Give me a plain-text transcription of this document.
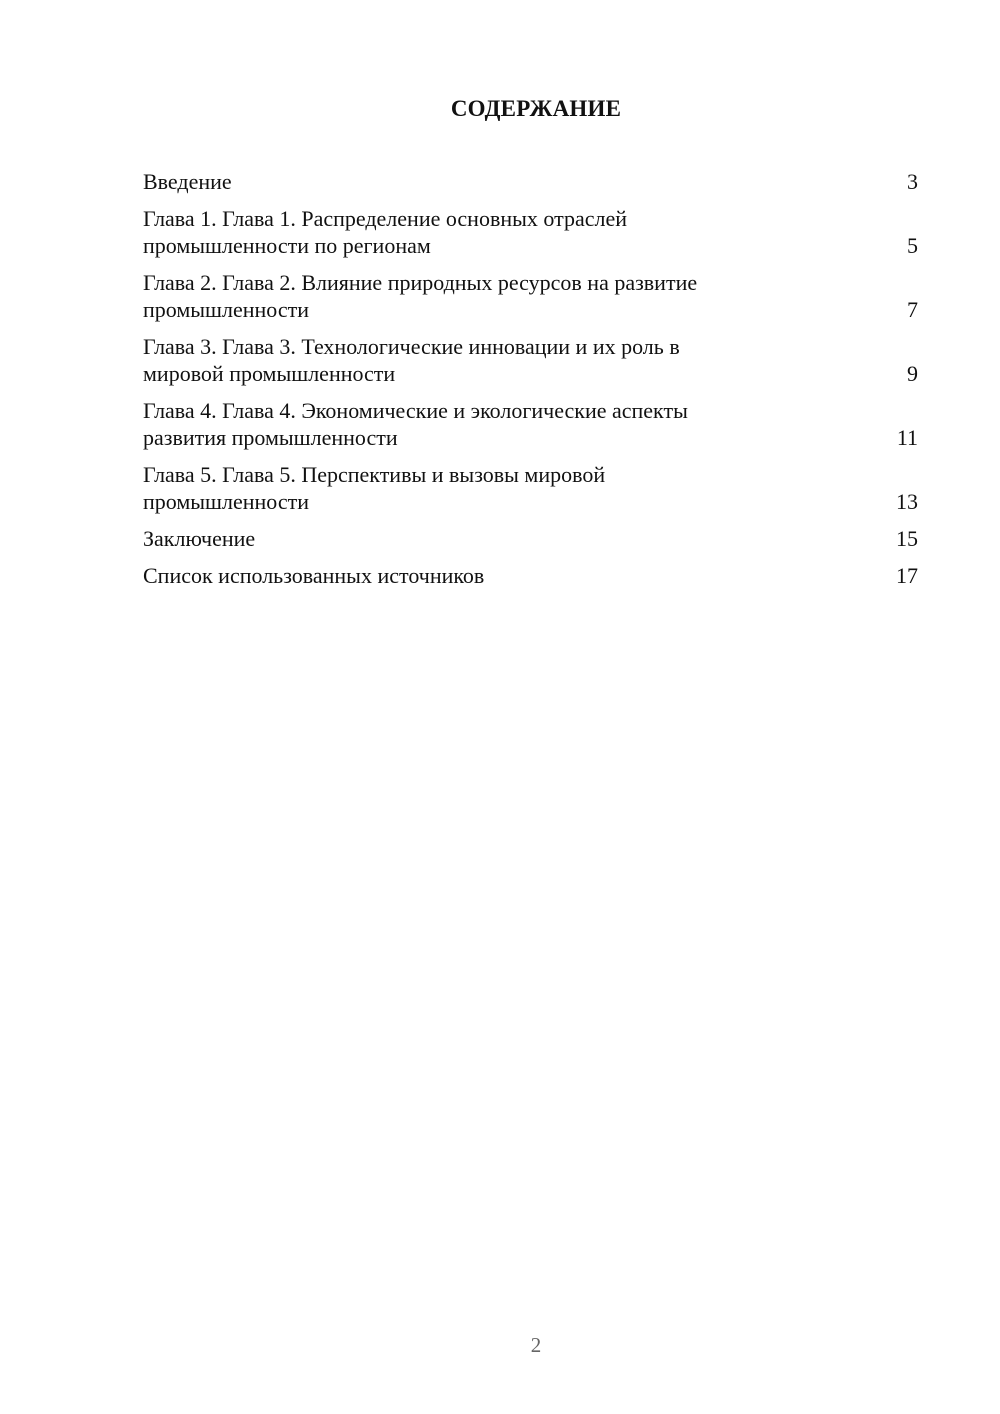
СОДЕРЖАНИЕ
Введение	3
Глава 1. Глава 1. Распределение основных отраслей
промышленности по регионам	5
Глава 2. Глава 2. Влияние природных ресурсов на развитие
промышленности	7
Глава 3. Глава 3. Технологические инновации и их роль в
мировой промышленности	9
Глава 4. Глава 4. Экономические и экологические аспекты
развития промышленности	11
Глава 5. Глава 5. Перспективы и вызовы мировой
промышленности	13
Заключение	15
Список использованных источников	17
2
